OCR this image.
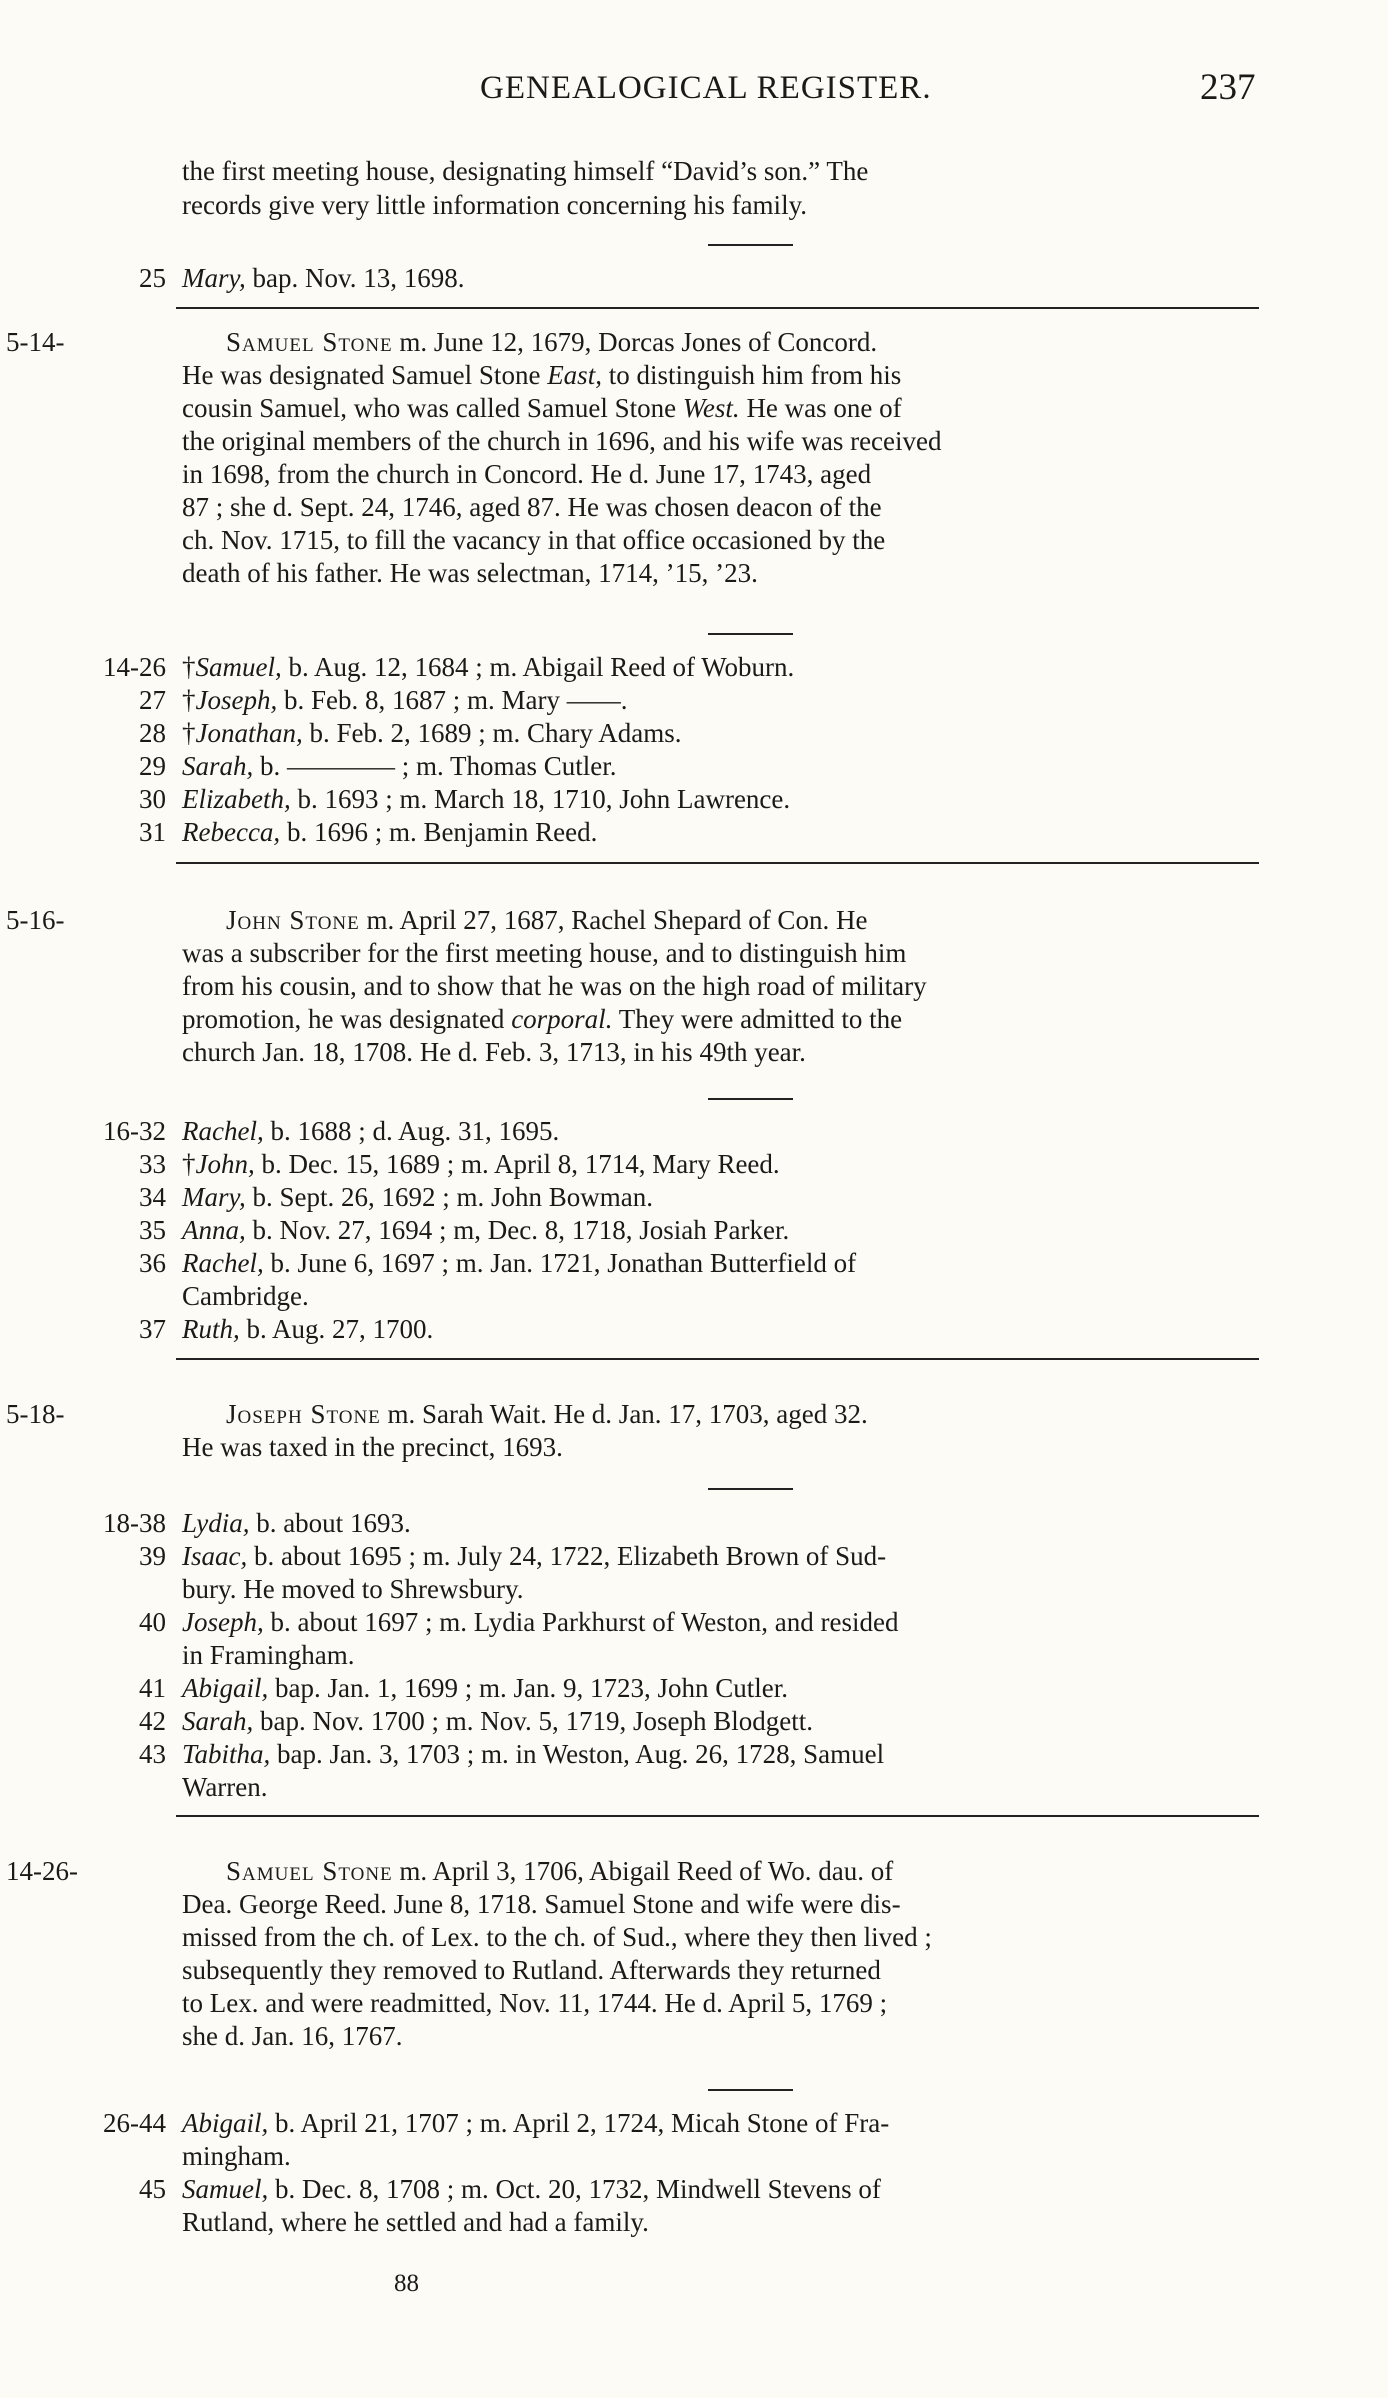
GENEALOGICAL REGISTER.	237
the first meeting house, designating himself “David’s son.” The
records give very little information concerning his family.
25 Mary, bap. Nov. 13, 1698.
5-14-	Samuel Stone m. June 12, 1679, Dorcas Jones of Concord.
He was designated Samuel Stone East, to distinguish him from his
cousin Samuel, who was called Samuel Stone West. He was one of
the original members of the church in 1696, and his wife was received
in 1698, from the church in Concord. He d. June 17, 1743, aged
87 ; she d. Sept. 24, 1746, aged 87. He was chosen deacon of the
ch. Nov. 1715, to fill the vacancy in that office occasioned by the
death of his father. He was selectman, 1714, ’15, ’23.
14-26 †Samuel, b. Aug. 12, 1684 ; m. Abigail Reed of Woburn.
27 †Joseph, b. Feb. 8, 1687 ; m. Mary ——.
28 †Jonathan, b. Feb. 2, 1689 ; m. Chary Adams.
29 Sarah, b. ———— ; m. Thomas Cutler.
30 Elizabeth, b. 1693 ; m. March 18, 1710, John Lawrence.
31 Rebecca, b. 1696 ; m. Benjamin Reed.
5-16-	John Stone m. April 27, 1687, Rachel Shepard of Con. He
was a subscriber for the first meeting house, and to distinguish him
from his cousin, and to show that he was on the high road of military
promotion, he was designated corporal. They were admitted to the
church Jan. 18, 1708. He d. Feb. 3, 1713, in his 49th year.
16-32 Rachel, b. 1688 ; d. Aug. 31, 1695.
33 †John, b. Dec. 15, 1689 ; m. April 8, 1714, Mary Reed.
34 Mary, b. Sept. 26, 1692 ; m. John Bowman.
35 Anna, b. Nov. 27, 1694 ; m, Dec. 8, 1718, Josiah Parker.
36 Rachel, b. June 6, 1697 ; m. Jan. 1721, Jonathan Butterfield of
Cambridge.
37 Ruth, b. Aug. 27, 1700.
5-18-	Joseph Stone m. Sarah Wait. He d. Jan. 17, 1703, aged 32.
He was taxed in the precinct, 1693.
18-38 Lydia, b. about 1693.
39 Isaac, b. about 1695 ; m. July 24, 1722, Elizabeth Brown of Sud-
bury. He moved to Shrewsbury.
40 Joseph, b. about 1697 ; m. Lydia Parkhurst of Weston, and resided
in Framingham.
41 Abigail, bap. Jan. 1, 1699 ; m. Jan. 9, 1723, John Cutler.
42 Sarah, bap. Nov. 1700 ; m. Nov. 5, 1719, Joseph Blodgett.
43 Tabitha, bap. Jan. 3, 1703 ; m. in Weston, Aug. 26, 1728, Samuel
Warren.
14-26-	Samuel Stone m. April 3, 1706, Abigail Reed of Wo. dau. of
Dea. George Reed. June 8, 1718. Samuel Stone and wife were dis-
missed from the ch. of Lex. to the ch. of Sud., where they then lived ;
subsequently they removed to Rutland. Afterwards they returned
to Lex. and were readmitted, Nov. 11, 1744. He d. April 5, 1769 ;
she d. Jan. 16, 1767.
26-44 Abigail, b. April 21, 1707 ; m. April 2, 1724, Micah Stone of Fra-
mingham.
45 Samuel, b. Dec. 8, 1708 ; m. Oct. 20, 1732, Mindwell Stevens of
Rutland, where he settled and had a family.
88
